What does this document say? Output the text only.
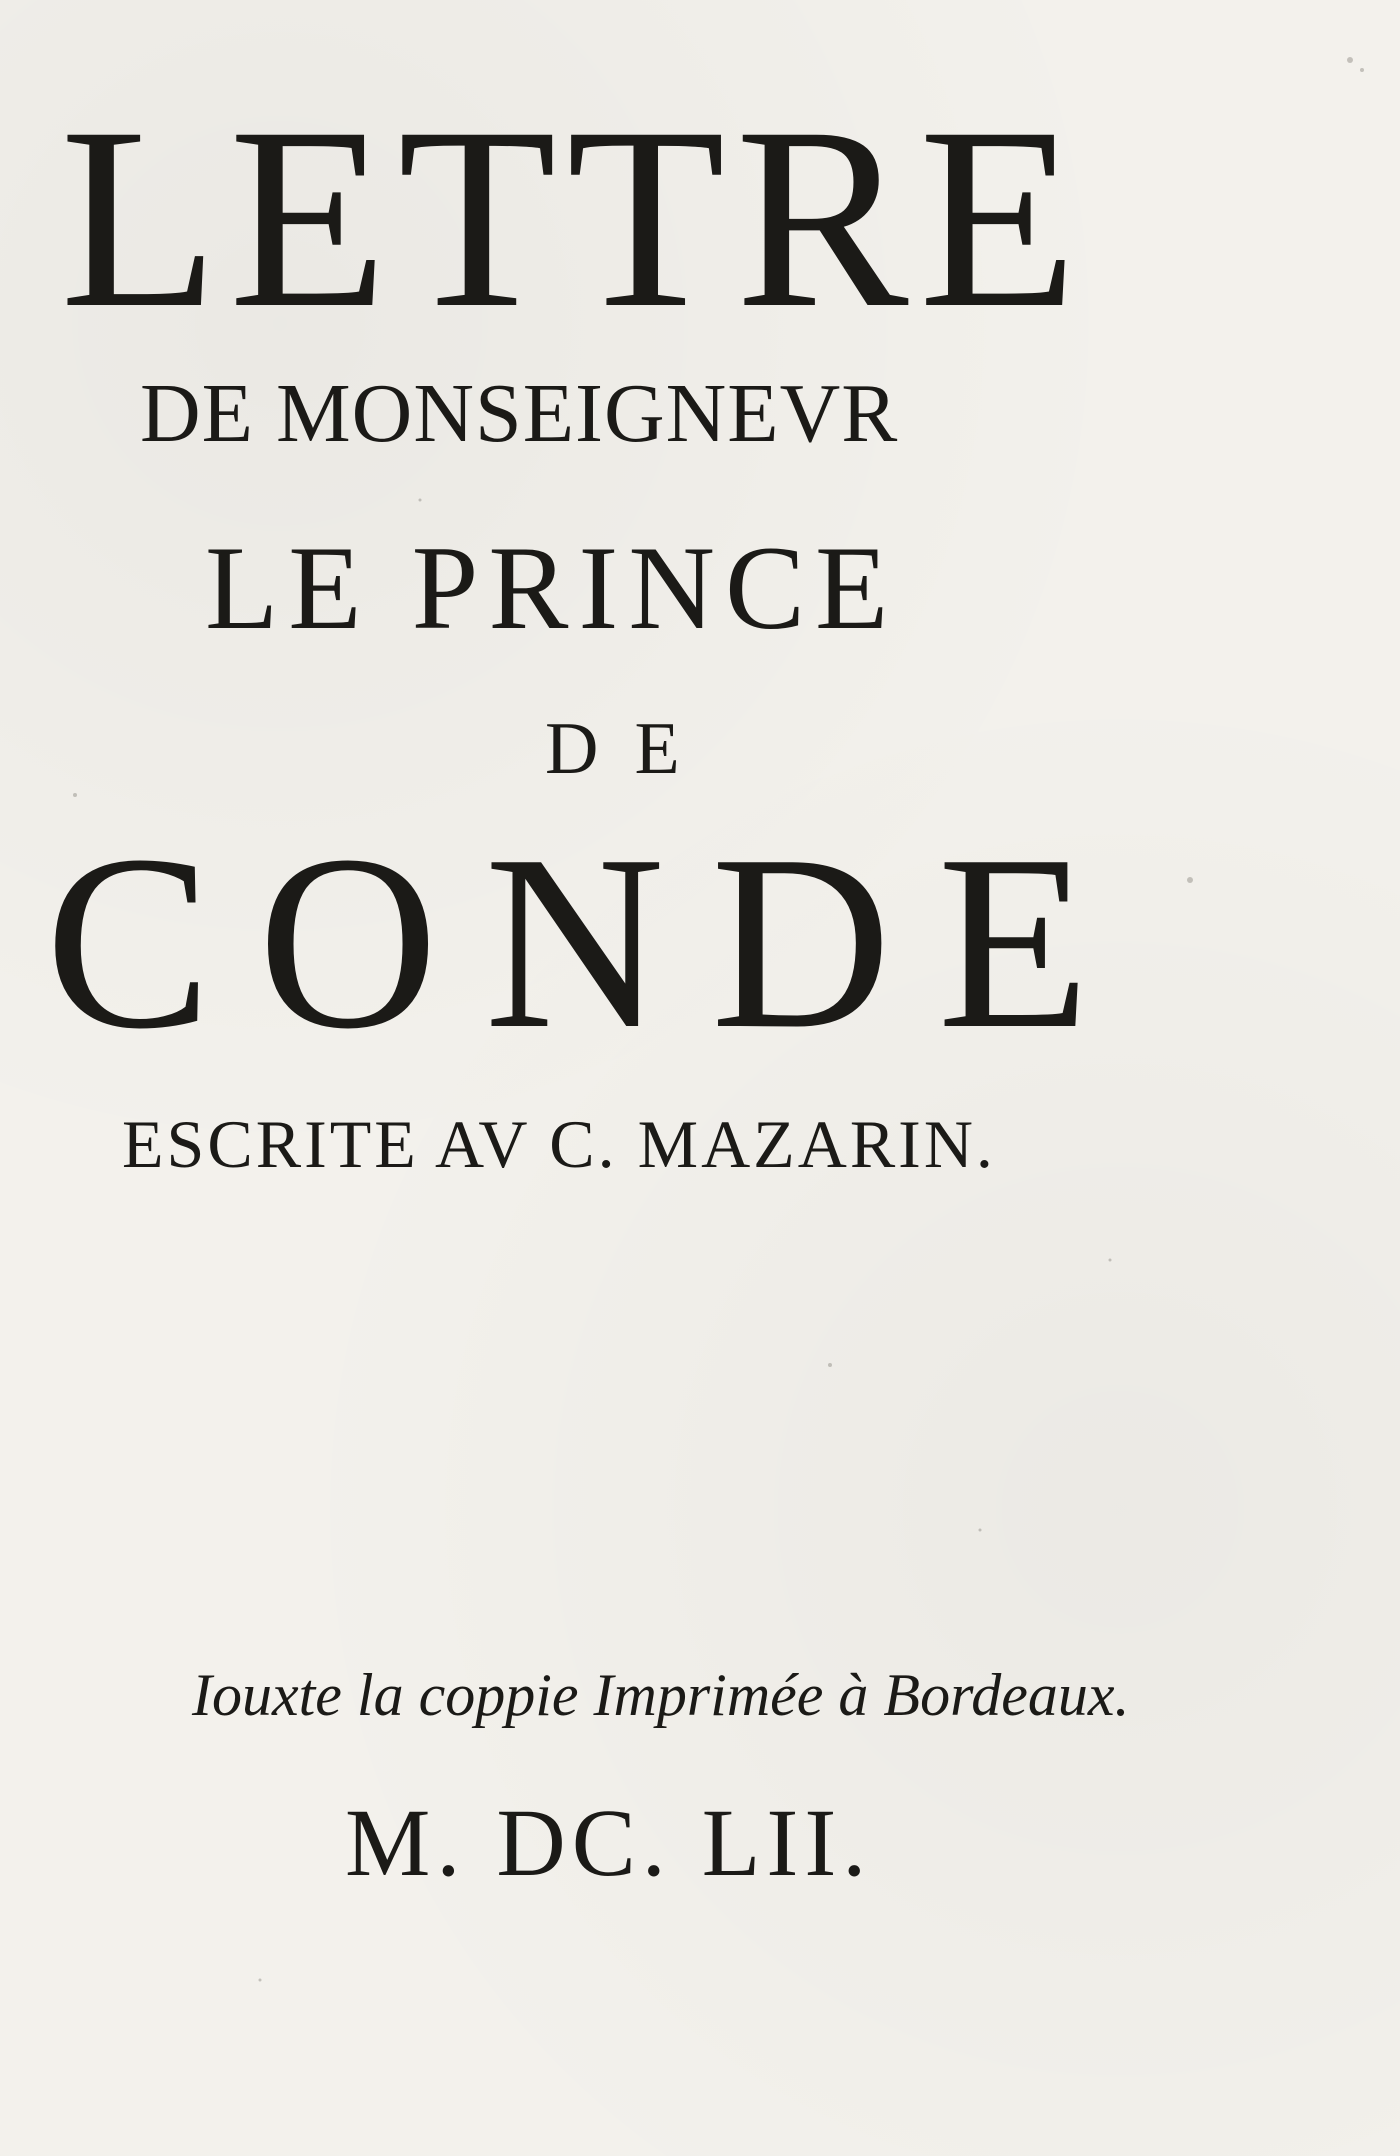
LETTRE
DE MONSEIGNEVR
LE PRINCE
DE
CONDE
ESCRITE AV C. MAZARIN.
Iouxte la coppie Imprimée à Bordeaux.
M. DC. LII.
